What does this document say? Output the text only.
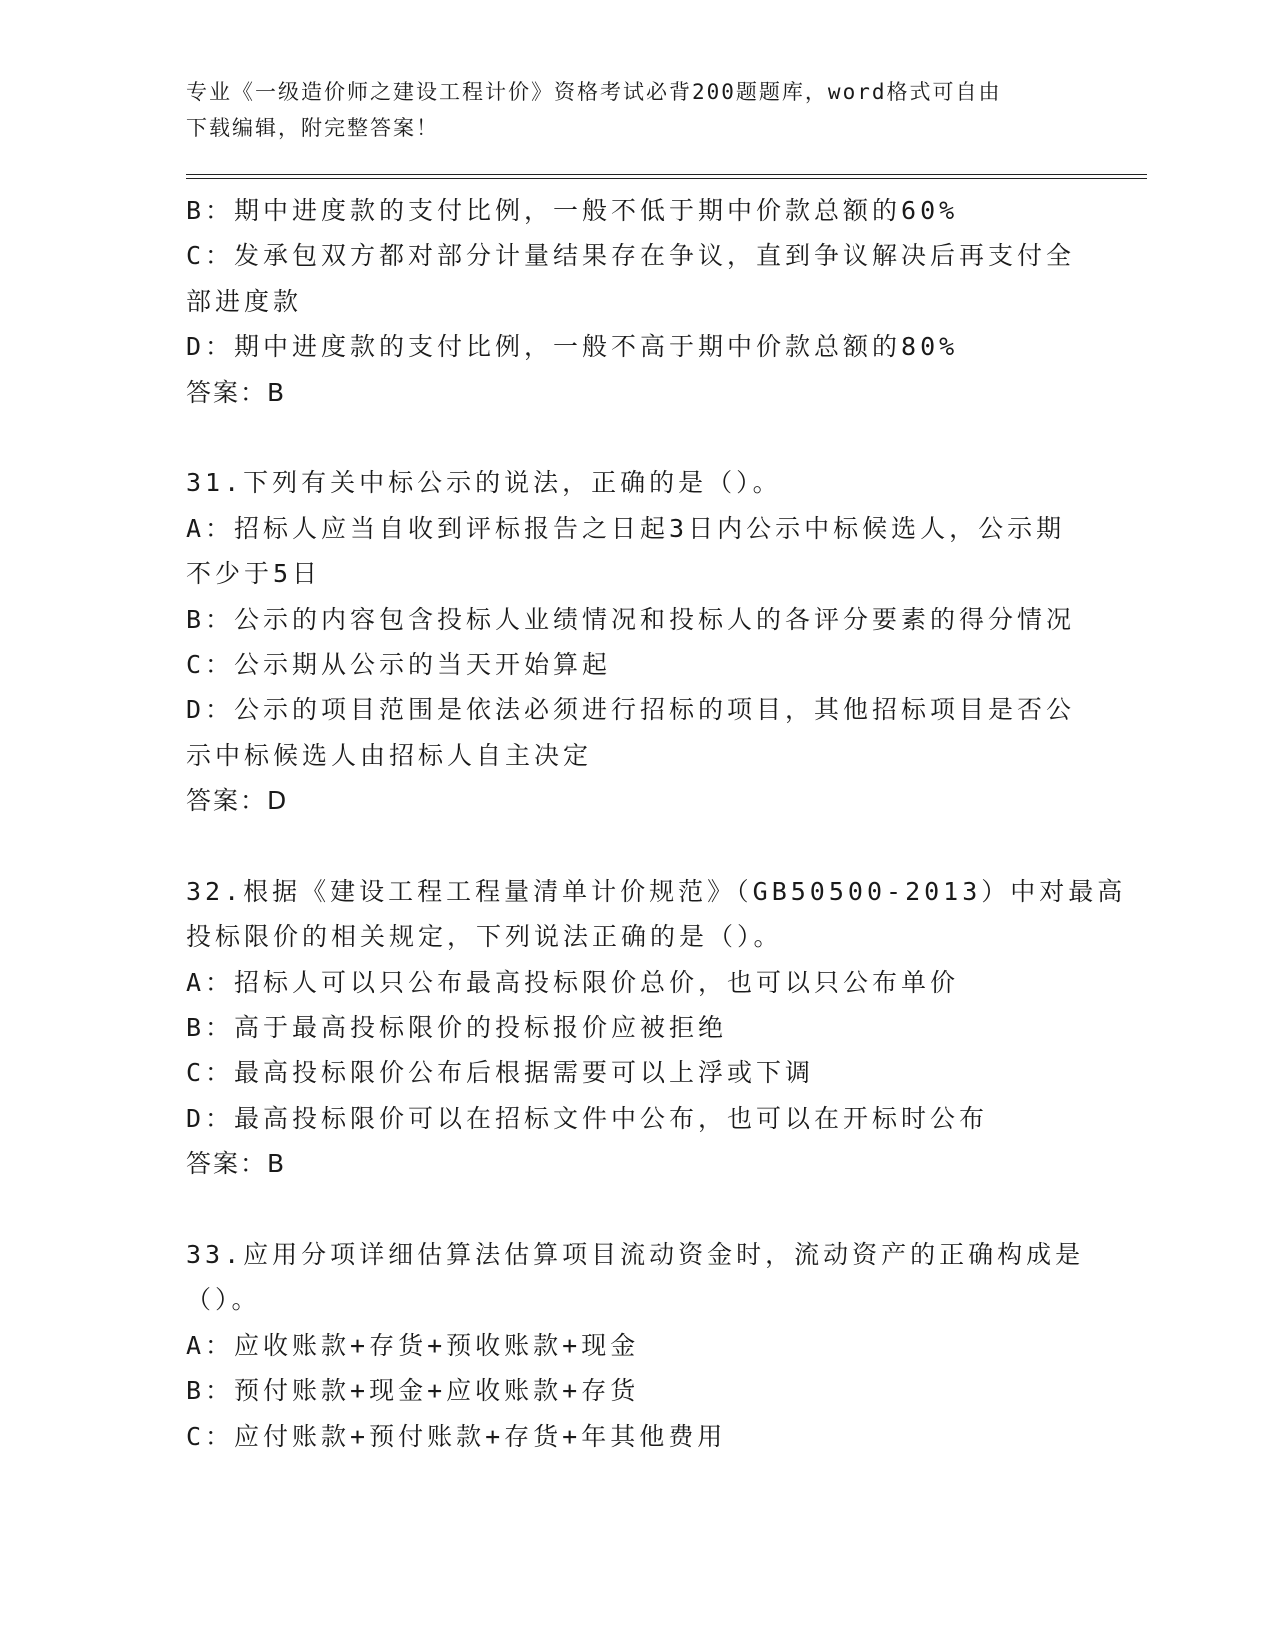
专业《一级造价师之建设工程计价》资格考试必背200题题库，word格式可自由
下载编辑，附完整答案！
B：期中进度款的支付比例，一般不低于期中价款总额的60%
C：发承包双方都对部分计量结果存在争议，直到争议解决后再支付全
部进度款
D：期中进度款的支付比例，一般不高于期中价款总额的80%
答案：B
31.下列有关中标公示的说法，正确的是（）。
A：招标人应当自收到评标报告之日起3日内公示中标候选人，公示期
不少于5日
B：公示的内容包含投标人业绩情况和投标人的各评分要素的得分情况
C：公示期从公示的当天开始算起
D：公示的项目范围是依法必须进行招标的项目，其他招标项目是否公
示中标候选人由招标人自主决定
答案：D
32.根据《建设工程工程量清单计价规范》（GB50500-2013）中对最高
投标限价的相关规定，下列说法正确的是（）。
A：招标人可以只公布最高投标限价总价，也可以只公布单价
B：高于最高投标限价的投标报价应被拒绝
C：最高投标限价公布后根据需要可以上浮或下调
D：最高投标限价可以在招标文件中公布，也可以在开标时公布
答案：B
33.应用分项详细估算法估算项目流动资金时，流动资产的正确构成是
（）。
A：应收账款+存货+预收账款+现金
B：预付账款+现金+应收账款+存货
C：应付账款+预付账款+存货+年其他费用
